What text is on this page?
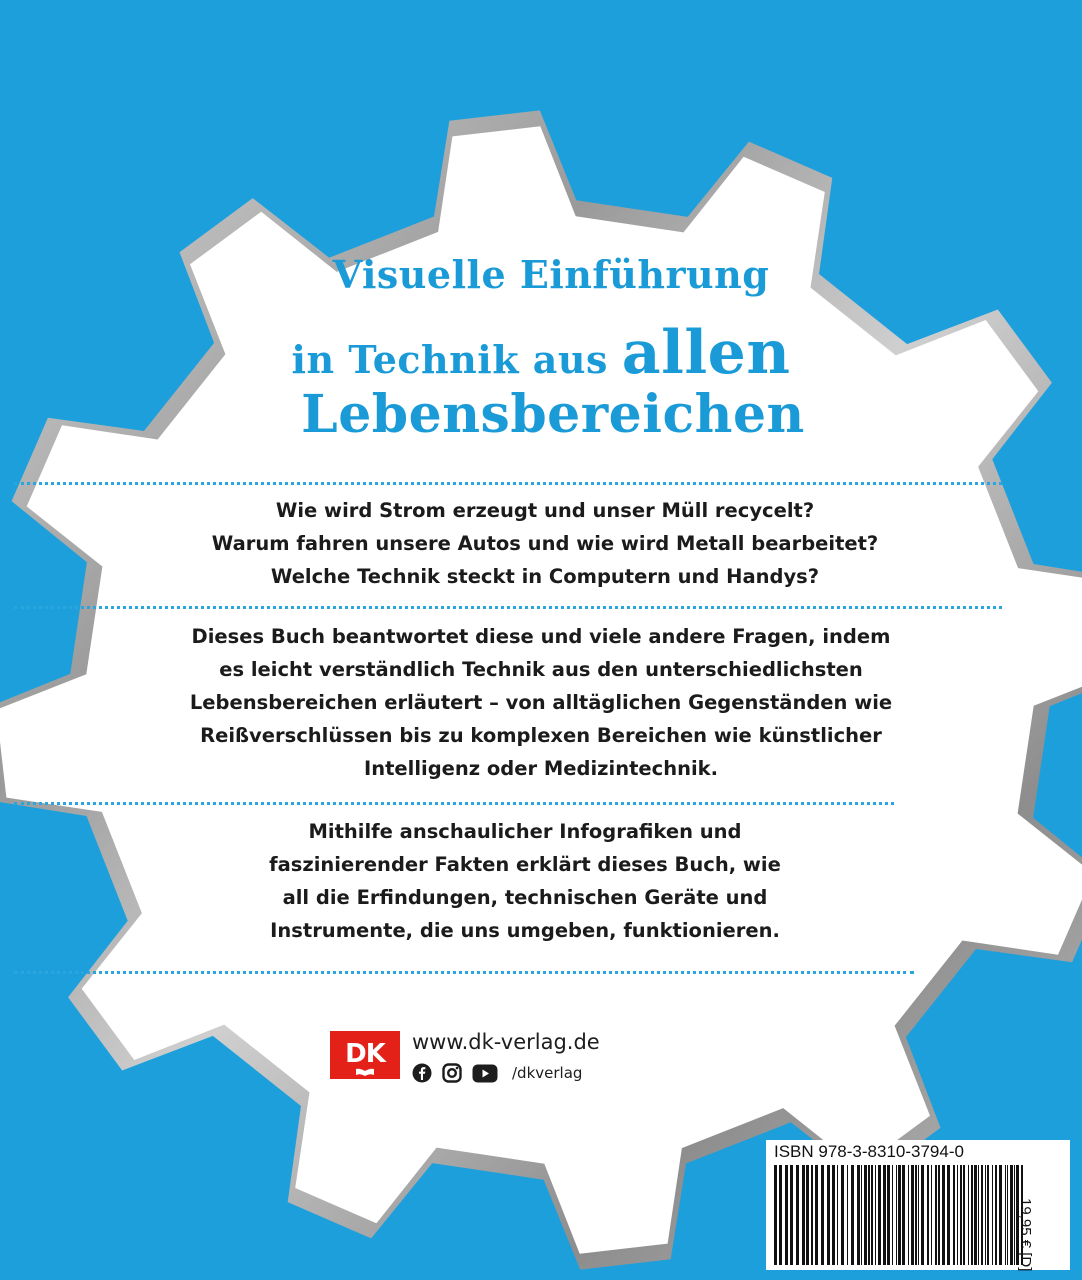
Visuelle Einführung
in Technik aus allen
Lebensbereichen
Wie wird Strom erzeugt und unser Müll recycelt?
Warum fahren unsere Autos und wie wird Metall bearbeitet?
Welche Technik steckt in Computern und Handys?
Dieses Buch beantwortet diese und viele andere Fragen, indem
es leicht verständlich Technik aus den unterschiedlichsten
Lebensbereichen erläutert – von alltäglichen Gegenständen wie
Reißverschlüssen bis zu komplexen Bereichen wie künstlicher
Intelligenz oder Medizintechnik.
Mithilfe anschaulicher Infografiken und
faszinierender Fakten erklärt dieses Buch, wie
all die Erfindungen, technischen Geräte und
Instrumente, die uns umgeben, funktionieren.
DK	www.dk-verlag.de
/dkverlag
ISBN 978-3-8310-3794-0
19,95 € [D]
